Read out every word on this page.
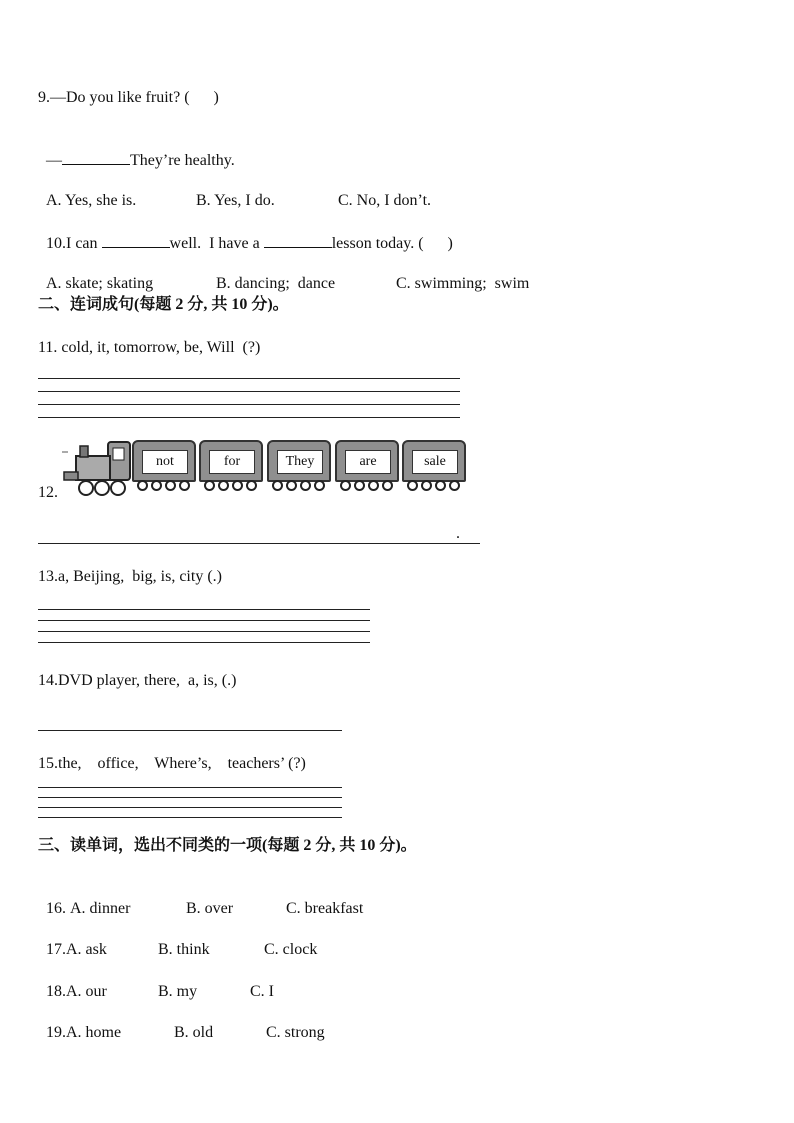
9.—Do you like fruit? (      )

—	They’re healthy.

A. Yes, she is.	B. Yes, I do.	C. No, I don’t.

10.I can	well.  I have a	lesson today. (      )

A. skate; skating	B. dancing;  dance	C. swimming;  swim

二、连词成句(每题 2 分, 共 10 分)。
11. cold, it, tomorrow, be, Will  (?)
12.
not	for	They	are	sale
.
13.a, Beijing,  big, is, city (.)
14.DVD player, there,  a, is, (.)
15.the,    office,    Where’s,    teachers’ (?)
三、读单词，选出不同类的一项(每题 2 分, 共 10 分)。

16. A. dinner	B. over	C. breakfast

17.A. ask	B. think	C. clock

18.A. our	B. my	C. I

19.A. home	B. old	C. strong
